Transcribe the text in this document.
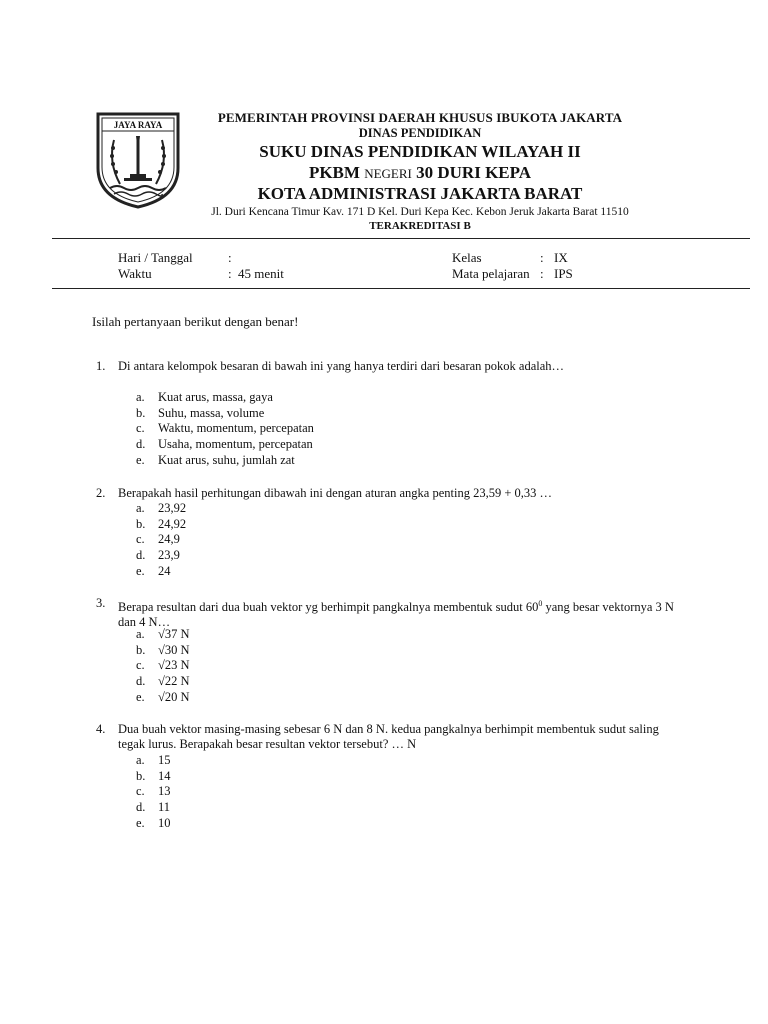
JAYA RAYA	PEMERINTAH PROVINSI DAERAH KHUSUS IBUKOTA JAKARTA
DINAS PENDIDIKAN
SUKU DINAS PENDIDIKAN WILAYAH II
PKBM NEGERI 30 DURI KEPA
KOTA ADMINISTRASI JAKARTA BARAT
Jl. Duri Kencana Timur Kav. 171 D Kel. Duri Kepa Kec. Kebon Jeruk Jakarta Barat 11510
TERAKREDITASI B
Hari / Tanggal	:
Waktu	: 45 menit
Kelas	: IX
Mata pelajaran : IPS
Isilah pertanyaan berikut dengan benar!
1. Di antara kelompok besaran di bawah ini yang hanya terdiri dari besaran pokok adalah…
a. Kuat arus, massa, gaya
b. Suhu, massa, volume
c. Waktu, momentum, percepatan
d. Usaha, momentum, percepatan
e. Kuat arus, suhu, jumlah zat
2. Berapakah hasil perhitungan dibawah ini dengan aturan angka penting 23,59 + 0,33 …
a. 23,92
b. 24,92
c. 24,9
d. 23,9
e. 24
3. Berapa resultan dari dua buah vektor yg berhimpit pangkalnya membentuk sudut $60^0$ yang besar vektornya 3 N dan 4 N…
a. √37 N
b. √30 N
c. √23 N
d. √22 N
e. √20 N
4. Dua buah vektor masing-masing sebesar 6 N dan 8 N. kedua pangkalnya berhimpit membentuk sudut saling tegak lurus. Berapakah besar resultan vektor tersebut? … N
a. 15
b. 14
c. 13
d. 11
e. 10
